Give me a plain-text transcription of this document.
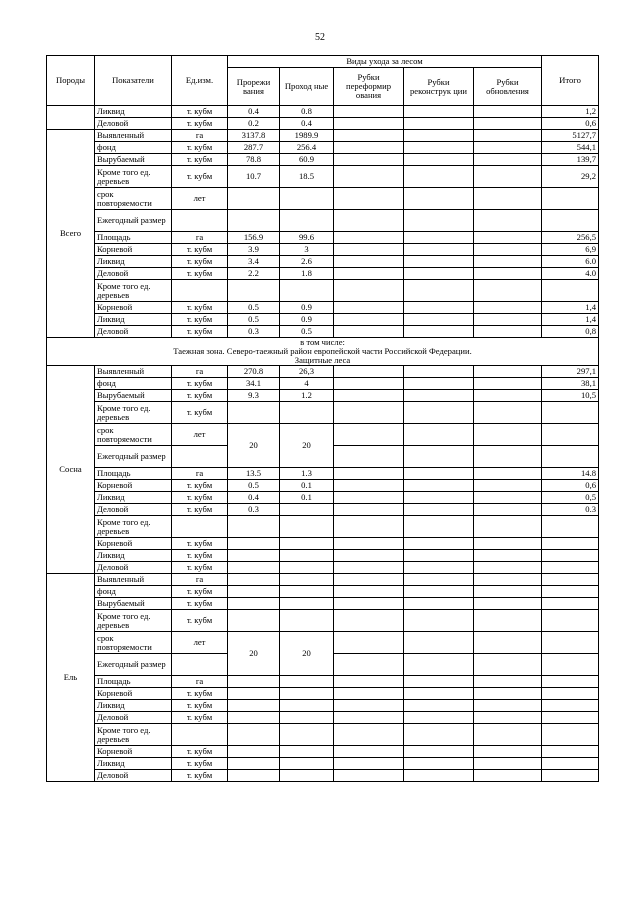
52
Породы	Показатели	Ед.изм.	Виды ухода за лесом					Итого
			Прорежи вания	Проход ные	Рубки переформир ования	Рубки реконструк ции	Рубки обновления	
	Ликвид	т. кубм	0.4	0.8				1,2
	Деловой	т. кубм	0.2	0.4				0,6
Всего	Выявленный	га	3137.8	1989.9				5127,7
	фонд	т. кубм	287.7	256.4				544,1
	Вырубаемый	т. кубм	78.8	60.9				139,7
	Кроме того ед. деревьев	т. кубм	10.7	18.5				29,2
	срок повторяемости	лет						
	Ежегодный размер							
	Площадь	га	156.9	99.6				256,5
	Корневой	т. кубм	3.9	3				6,9
	Ликвид	т. кубм	3.4	2.6				6.0
	Деловой	т. кубм	2.2	1.8				4.0
	Кроме того ед. деревьев							
	Корневой	т. кубм	0.5	0.9				1,4
	Ликвид	т. кубм	0.5	0.9				1,4
	Деловой	т. кубм	0.3	0.5				0,8

в том числе:
Таежная зона. Северо-таежный район европейской части Российской Федерации.
Защитные леса								

Сосна	Выявленный	га	270.8	26,3				297,1
	фонд	т. кубм	34.1	4				38,1
	Вырубаемый	т. кубм	9.3	1.2				10,5
	Кроме того ед. деревьев	т. кубм						
	срок повторяемости	лет	20	20				
	Ежегодный размер							
	Площадь	га	13.5	1.3				14.8
	Корневой	т. кубм	0.5	0.1				0,6
	Ликвид	т. кубм	0.4	0.1				0,5
	Деловой	т. кубм	0.3					0.3
	Кроме того ед. деревьев							
	Корневой	т. кубм						
	Ликвид	т. кубм						
	Деловой	т. кубм						
Ель	Выявленный	га						
	фонд	т. кубм						
	Вырубаемый	т. кубм						
	Кроме того ед. деревьев	т. кубм						
	срок повторяемости	лет	20	20				
	Ежегодный размер							
	Площадь	га						
	Корневой	т. кубм						
	Ликвид	т. кубм						
	Деловой	т. кубм						
	Кроме того ед. деревьев							
	Корневой	т. кубм						
	Ликвид	т. кубм						
	Деловой	т. кубм						
